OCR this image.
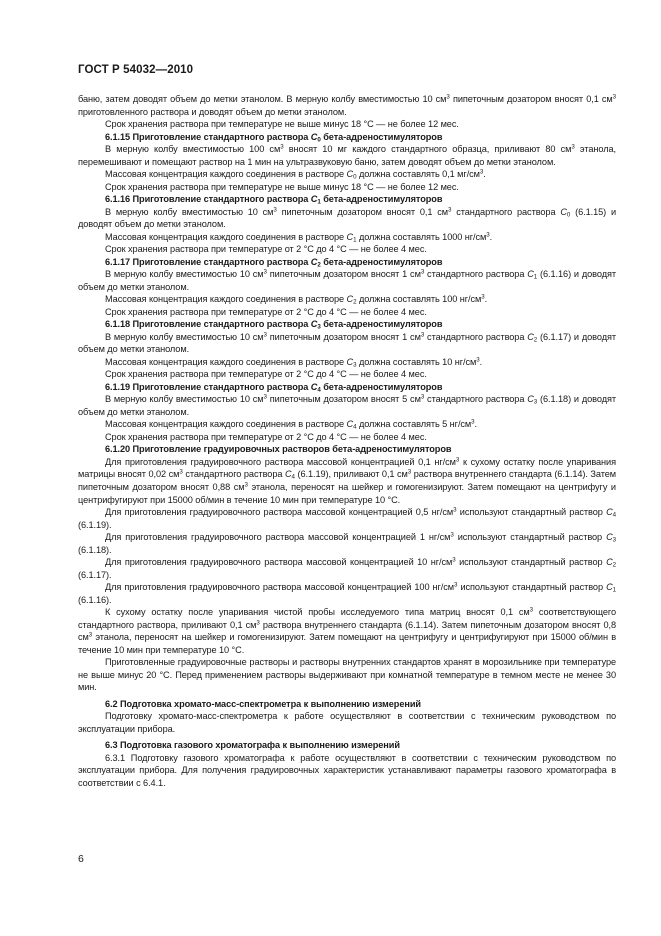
ГОСТ Р 54032—2010

баню, затем доводят объем до метки этанолом. В мерную колбу вместимостью 10 $см^3$ пипеточным дозатором вносят 0,1 $см^3$ приготовленного раствора и доводят объем до метки этанолом.

Срок хранения раствора при температуре не выше минус 18 °C — не более 12 мес.

6.1.15 Приготовление стандартного раствора $C_0$ бета-адреностимуляторов

В мерную колбу вместимостью 100 $см^3$ вносят 10 мг каждого стандартного образца, приливают 80 $см^3$ этанола, перемешивают и помещают раствор на 1 мин на ультразвуковую баню, затем доводят объем до метки этанолом.

Массовая концентрация каждого соединения в растворе $C_0$ должна составлять 0,1 $мг/см^3$.

Срок хранения раствора при температуре не выше минус 18 °C — не более 12 мес.

6.1.16 Приготовление стандартного раствора $C_1$ бета-адреностимуляторов

В мерную колбу вместимостью 10 $см^3$ пипеточным дозатором вносят 0,1 $см^3$ стандартного раствора $C_0$ (6.1.15) и доводят объем до метки этанолом.

Массовая концентрация каждого соединения в растворе $C_1$ должна составлять 1000 $нг/см^3$.

Срок хранения раствора при температуре от 2 °C до 4 °C — не более 4 мес.

6.1.17 Приготовление стандартного раствора $C_2$ бета-адреностимуляторов

В мерную колбу вместимостью 10 $см^3$ пипеточным дозатором вносят 1 $см^3$ стандартного раствора $C_1$ (6.1.16) и доводят объем до метки этанолом.

Массовая концентрация каждого соединения в растворе $C_2$ должна составлять 100 $нг/см^3$.

Срок хранения раствора при температуре от 2 °C до 4 °C — не более 4 мес.

6.1.18 Приготовление стандартного раствора $C_3$ бета-адреностимуляторов

В мерную колбу вместимостью 10 $см^3$ пипеточным дозатором вносят 1 $см^3$ стандартного раствора $C_2$ (6.1.17) и доводят объем до метки этанолом.

Массовая концентрация каждого соединения в растворе $C_3$ должна составлять 10 $нг/см^3$.

Срок хранения раствора при температуре от 2 °C до 4 °C — не более 4 мес.

6.1.19 Приготовление стандартного раствора $C_4$ бета-адреностимуляторов

В мерную колбу вместимостью 10 $см^3$ пипеточным дозатором вносят 5 $см^3$ стандартного раствора $C_3$ (6.1.18) и доводят объем до метки этанолом.

Массовая концентрация каждого соединения в растворе $C_4$ должна составлять 5 $нг/см^3$.

Срок хранения раствора при температуре от 2 °C до 4 °C — не более 4 мес.

6.1.20 Приготовление градуировочных растворов бета-адреностимуляторов

Для приготовления градуировочного раствора массовой концентрацией 0,1 $нг/см^3$ к сухому остатку после упаривания матрицы вносят 0,02 $см^3$ стандартного раствора $C_4$ (6.1.19), приливают 0,1 $см^3$ раствора внутреннего стандарта (6.1.14). Затем пипеточным дозатором вносят 0,88 $см^3$ этанола, переносят на шейкер и гомогенизируют. Затем помещают на центрифугу и центрифугируют при 15000 об/мин в течение 10 мин при температуре 10 °C.

Для приготовления градуировочного раствора массовой концентрацией 0,5 $нг/см^3$ используют стандартный раствор $C_4$ (6.1.19).

Для приготовления градуировочного раствора массовой концентрацией 1 $нг/см^3$ используют стандартный раствор $C_3$ (6.1.18).

Для приготовления градуировочного раствора массовой концентрацией 10 $нг/см^3$ используют стандартный раствор $C_2$ (6.1.17).

Для приготовления градуировочного раствора массовой концентрацией 100 $нг/см^3$ используют стандартный раствор $C_1$ (6.1.16).

К сухому остатку после упаривания чистой пробы исследуемого типа матриц вносят 0,1 $см^3$ соответствующего стандартного раствора, приливают 0,1 $см^3$ раствора внутреннего стандарта (6.1.14). Затем пипеточным дозатором вносят 0,8 $см^3$ этанола, переносят на шейкер и гомогенизируют. Затем помещают на центрифугу и центрифугируют при 15000 об/мин в течение 10 мин при температуре 10 °C.

Приготовленные градуировочные растворы и растворы внутренних стандартов хранят в морозильнике при температуре не выше минус 20 °C. Перед применением растворы выдерживают при комнатной температуре в темном месте не менее 30 мин.

6.2 Подготовка хромато-масс-спектрометра к выполнению измерений

Подготовку хромато-масс-спектрометра к работе осуществляют в соответствии с техническим руководством по эксплуатации прибора.

6.3 Подготовка газового хроматографа к выполнению измерений

6.3.1 Подготовку газового хроматографа к работе осуществляют в соответствии с техническим руководством по эксплуатации прибора. Для получения градуировочных характеристик устанавливают параметры газового хроматографа в соответствии с 6.4.1.

6
